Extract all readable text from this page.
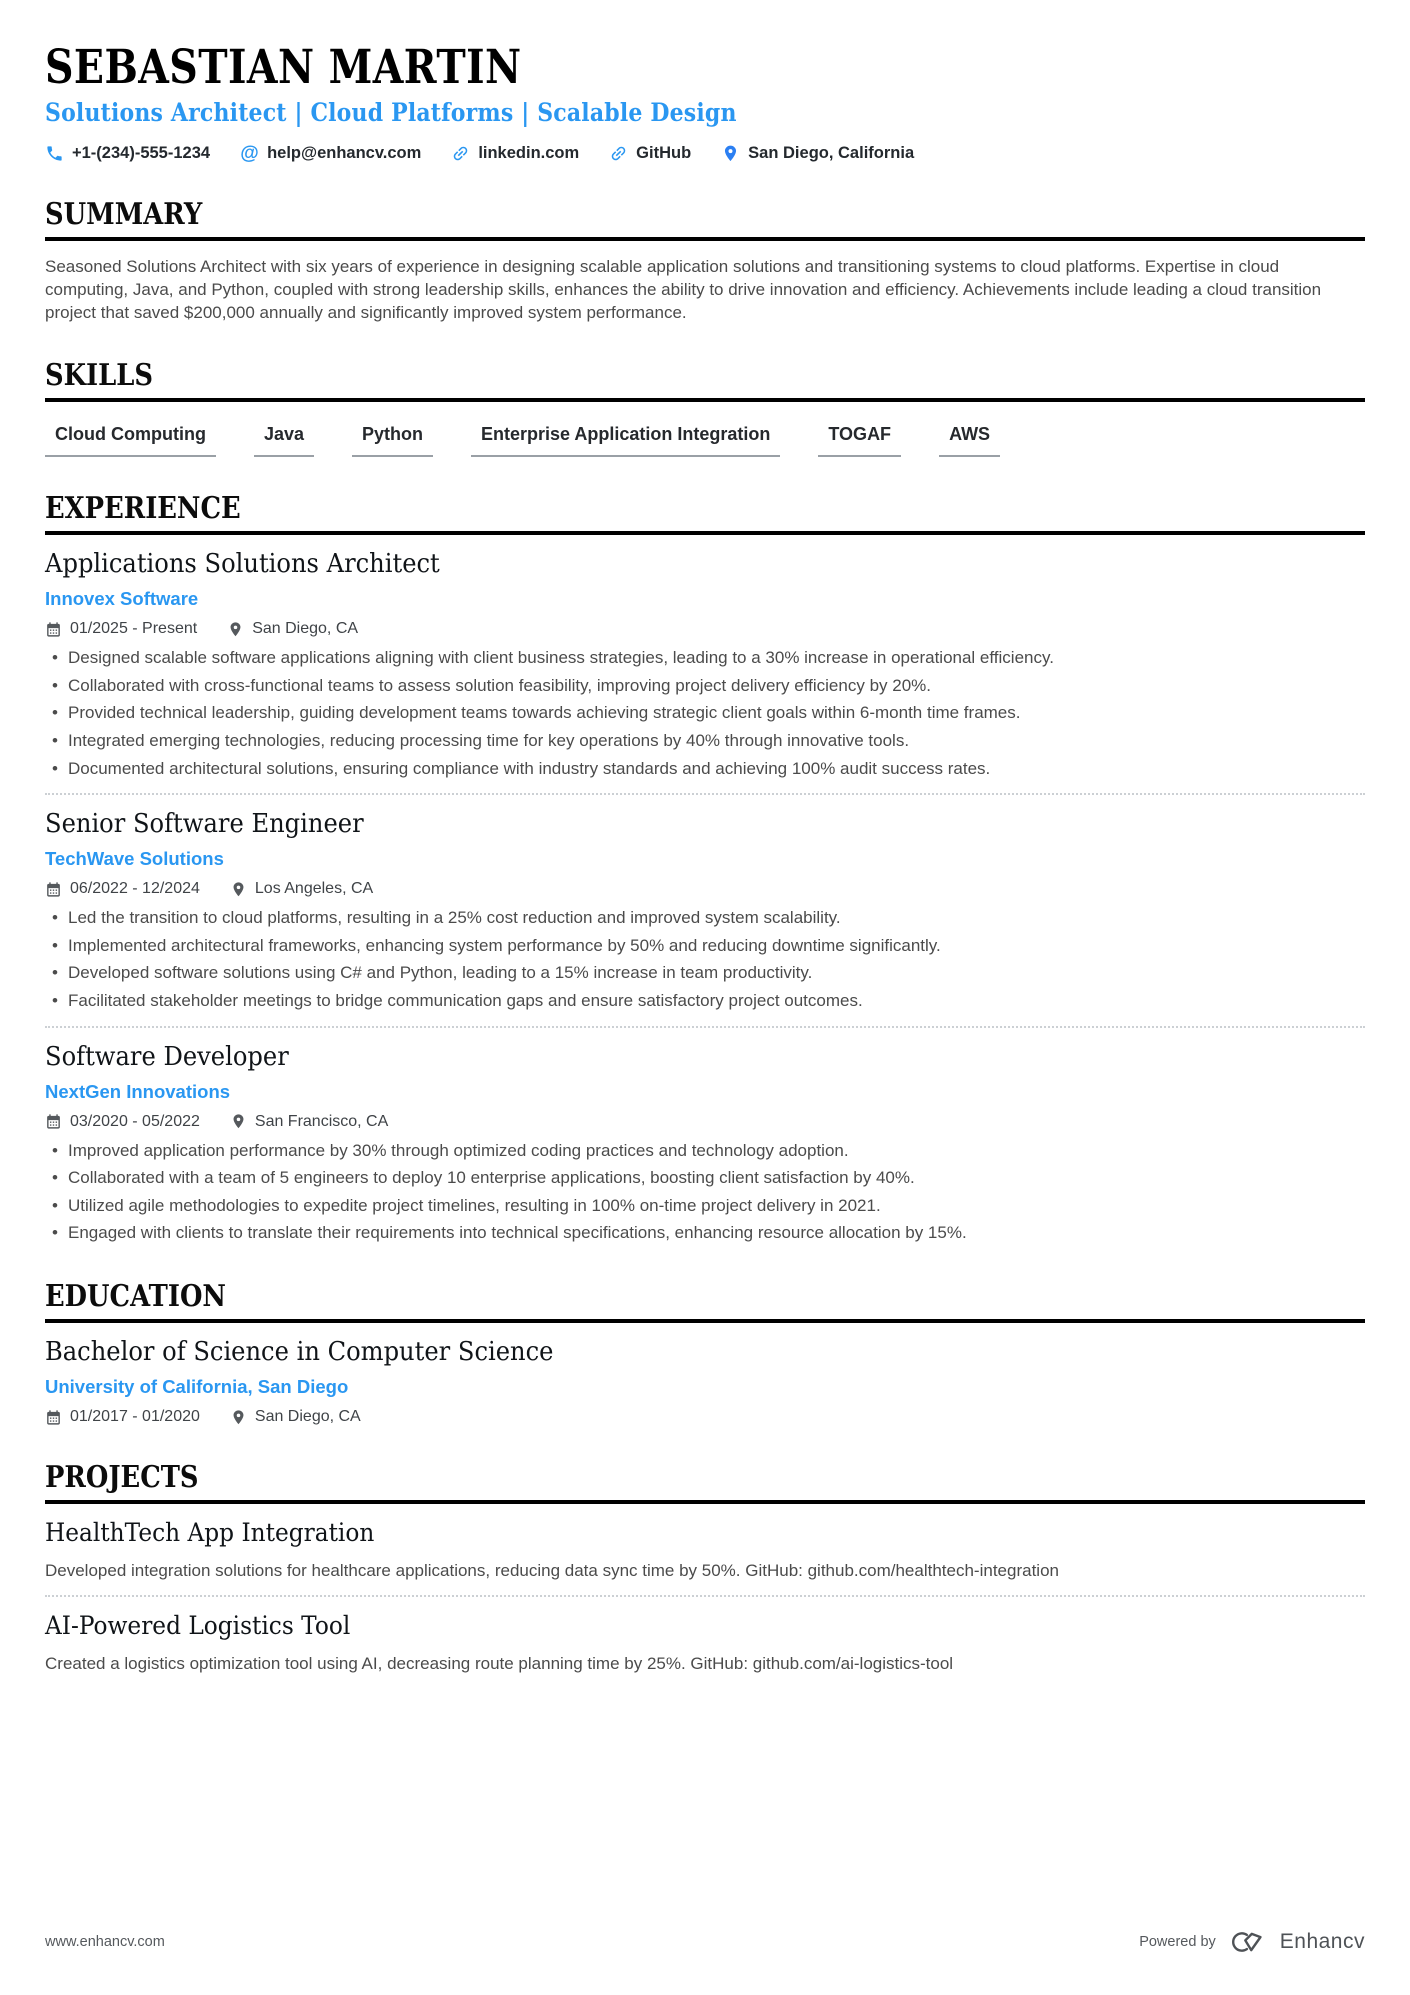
SEBASTIAN MARTIN
Solutions Architect | Cloud Platforms | Scalable Design
+1-(234)-555-1234 @ help@enhancv.com	linkedin.com	GitHub	San Diego, California
SUMMARY
Seasoned Solutions Architect with six years of experience in designing scalable application solutions and transitioning systems to cloud platforms. Expertise in cloud computing, Java, and Python, coupled with strong leadership skills, enhances the ability to drive innovation and efficiency. Achievements include leading a cloud transition project that saved $200,000 annually and significantly improved system performance.
SKILLS
Cloud Computing	Java	Python	Enterprise Application Integration	TOGAF	AWS
EXPERIENCE
Applications Solutions Architect
Innovex Software
01/2025 - Present	San Diego, CA
• Designed scalable software applications aligning with client business strategies, leading to a 30% increase in operational efficiency.
• Collaborated with cross-functional teams to assess solution feasibility, improving project delivery efficiency by 20%.
• Provided technical leadership, guiding development teams towards achieving strategic client goals within 6-month time frames.
• Integrated emerging technologies, reducing processing time for key operations by 40% through innovative tools.
• Documented architectural solutions, ensuring compliance with industry standards and achieving 100% audit success rates.
Senior Software Engineer
TechWave Solutions
06/2022 - 12/2024	Los Angeles, CA
• Led the transition to cloud platforms, resulting in a 25% cost reduction and improved system scalability.
• Implemented architectural frameworks, enhancing system performance by 50% and reducing downtime significantly.
• Developed software solutions using C# and Python, leading to a 15% increase in team productivity.
• Facilitated stakeholder meetings to bridge communication gaps and ensure satisfactory project outcomes.
Software Developer
NextGen Innovations
03/2020 - 05/2022	San Francisco, CA
• Improved application performance by 30% through optimized coding practices and technology adoption.
• Collaborated with a team of 5 engineers to deploy 10 enterprise applications, boosting client satisfaction by 40%.
• Utilized agile methodologies to expedite project timelines, resulting in 100% on-time project delivery in 2021.
• Engaged with clients to translate their requirements into technical specifications, enhancing resource allocation by 15%.
EDUCATION
Bachelor of Science in Computer Science
University of California, San Diego
01/2017 - 01/2020	San Diego, CA
PROJECTS
HealthTech App Integration
Developed integration solutions for healthcare applications, reducing data sync time by 50%. GitHub: github.com/healthtech-integration
AI-Powered Logistics Tool
Created a logistics optimization tool using AI, decreasing route planning time by 25%. GitHub: github.com/ai-logistics-tool
www.enhancv.com	Powered by	Enhancv
